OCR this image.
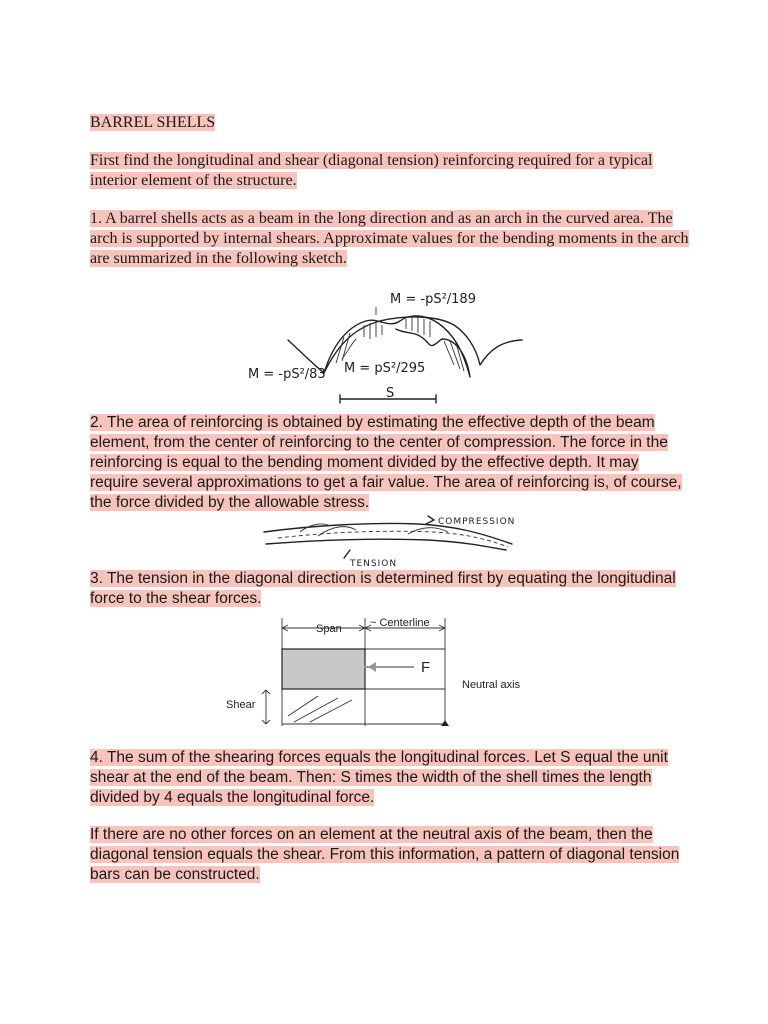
BARREL SHELLS
First find the longitudinal and shear (diagonal tension) reinforcing required for a typical interior element of the structure.
1. A barrel shells acts as a beam in the long direction and as an arch in the curved area. The arch is supported by internal shears. Approximate values for the bending moments in the arch are summarized in the following sketch.
M = -pS²/189
M = -pS²/83 M = pS²/295
S
2. The area of reinforcing is obtained by estimating the effective depth of the beam element, from the center of reinforcing to the center of compression. The force in the reinforcing is equal to the bending moment divided by the effective depth. It may require several approximations to get a fair value. The area of reinforcing is, of course, the force divided by the allowable stress.
COMPRESSION
TENSION
3. The tension in the diagonal direction is determined first by equating the longitudinal force to the shear forces.
Span	~ Centerline
F
Neutral axis
Shear
4. The sum of the shearing forces equals the longitudinal forces. Let S equal the unit shear at the end of the beam. Then: S times the width of the shell times the length divided by 4 equals the longitudinal force.
If there are no other forces on an element at the neutral axis of the beam, then the diagonal tension equals the shear. From this information, a pattern of diagonal tension bars can be constructed.
